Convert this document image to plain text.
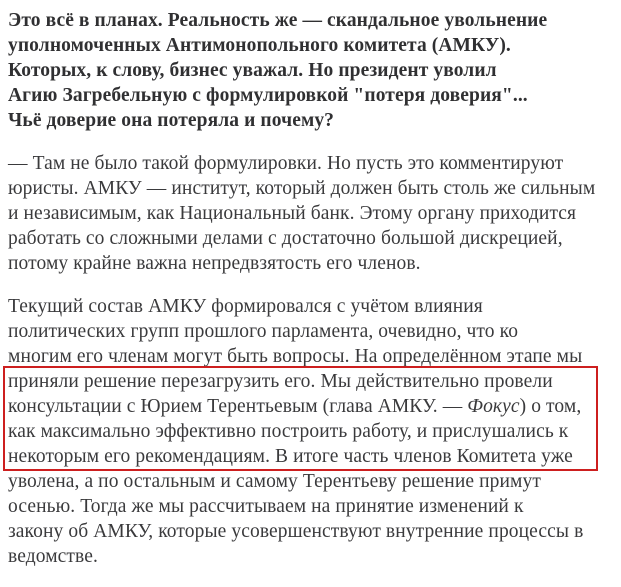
Это всё в планах. Реальность же — скандальное увольнение
уполномоченных Антимонопольного комитета (АМКУ).
Которых, к слову, бизнес уважал. Но президент уволил
Агию Загребельную с формулировкой "потеря доверия"...
Чьё доверие она потеряла и почему?

— Там не было такой формулировки. Но пусть это комментируют
юристы. АМКУ — институт, который должен быть столь же сильным
и независимым, как Национальный банк. Этому органу приходится
работать со сложными делами с достаточно большой дискрецией,
потому крайне важна непредвзятость его членов.

Текущий состав АМКУ формировался с учётом влияния
политических групп прошлого парламента, очевидно, что ко
многим его членам могут быть вопросы. На определённом этапе мы
приняли решение перезагрузить его. Мы действительно провели
консультации с Юрием Терентьевым (глава АМКУ. — Фокус) о том,
как максимально эффективно построить работу, и прислушались к
некоторым его рекомендациям. В итоге часть членов Комитета уже
уволена, а по остальным и самому Терентьеву решение примут
осенью. Тогда же мы рассчитываем на принятие изменений к
закону об АМКУ, которые усовершенствуют внутренние процессы в
ведомстве.
